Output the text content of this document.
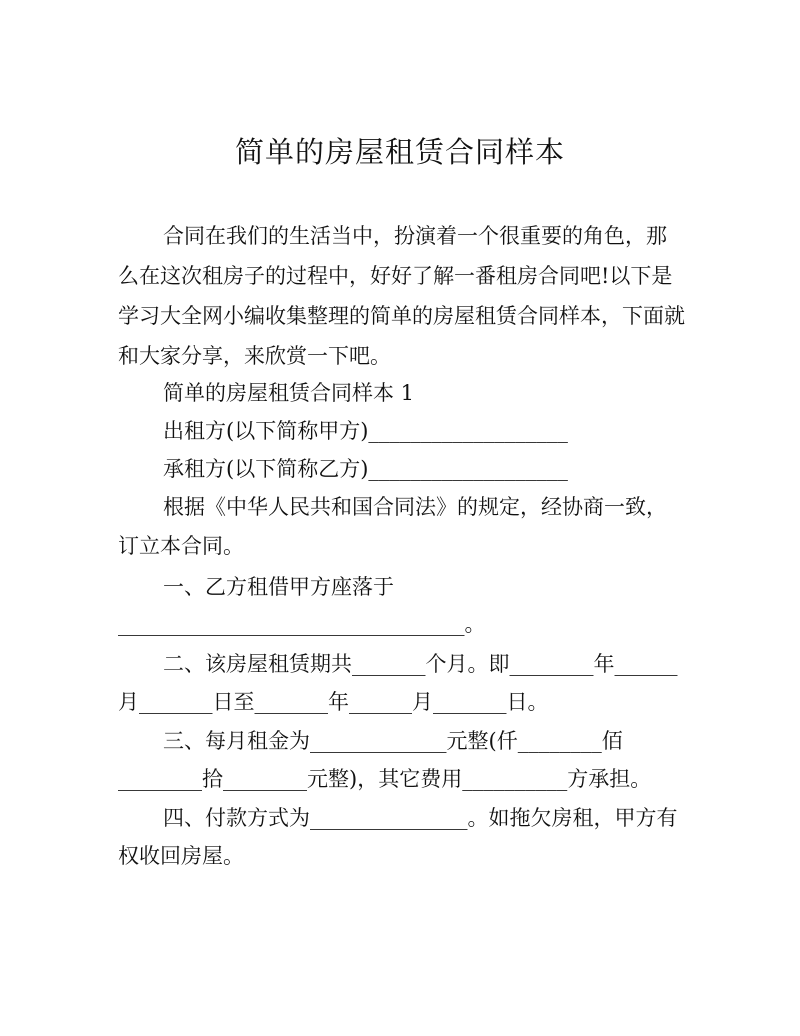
简单的房屋租赁合同样本
合同在我们的生活当中，扮演着一个很重要的角色，那
么在这次租房子的过程中，好好了解一番租房合同吧!以下是
学习大全网小编收集整理的简单的房屋租赁合同样本，下面就
和大家分享，来欣赏一下吧。
简单的房屋租赁合同样本 1
出租方(以下简称甲方)___________________
承租方(以下简称乙方)___________________
根据《中华人民共和国合同法》的规定，经协商一致，
订立本合同。
一、乙方租借甲方座落于
_________________________________。
二、该房屋租赁期共_______个月。即________年______
月_______日至_______年______月_______日。
三、每月租金为_____________元整(仟________佰
________拾________元整)，其它费用__________方承担。
四、付款方式为_______________。如拖欠房租，甲方有
权收回房屋。
